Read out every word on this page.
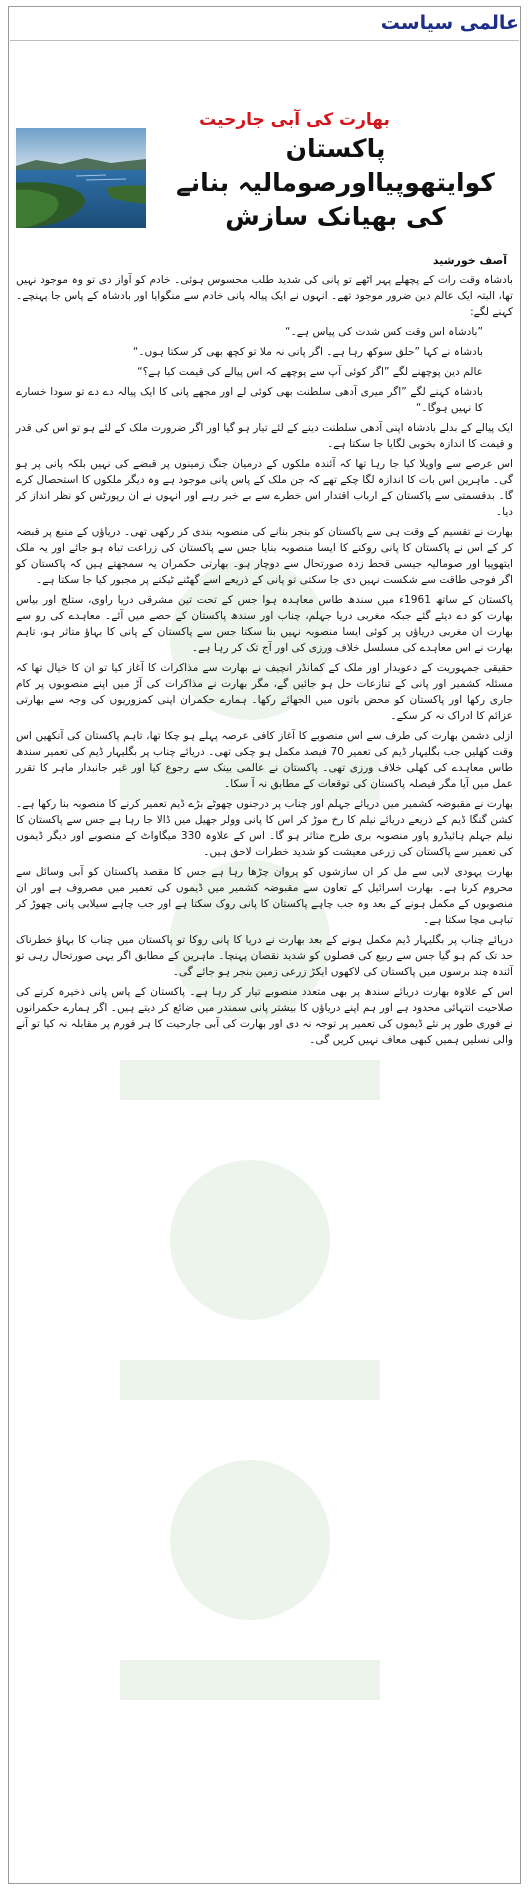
عالمی سیاست
بھارت کی آبی جارحیت
پاکستان کوایتھوپیااورصومالیہ بنانے کی بھیانک سازش
آصف خورشید

بادشاہ وقت رات کے پچھلے پہر اٹھے تو پانی کی شدید طلب محسوس ہوئی۔ خادم کو آواز دی تو وہ موجود نہیں تھا، البتہ ایک عالم دین ضرور موجود تھے۔ انہوں نے ایک پیالہ پانی خادم سے منگوایا اور بادشاہ کے پاس جا پہنچے۔ کہنے لگے:

”بادشاہ اس وقت کس شدت کی پیاس ہے۔“

بادشاہ نے کہا ”حلق سوکھ رہا ہے۔ اگر پانی نہ ملا تو کچھ بھی کر سکتا ہوں۔“

عالم دین پوچھنے لگے ”اگر کوئی آپ سے پوچھے کہ اس پیالے کی قیمت کیا ہے؟“

بادشاہ کہنے لگے ”اگر میری آدھی سلطنت بھی کوئی لے اور مجھے پانی کا ایک پیالہ دے دے تو سودا خسارے کا نہیں ہوگا۔“

ایک پیالے کے بدلے بادشاہ اپنی آدھی سلطنت دینے کے لئے تیار ہو گیا اور اگر ضرورت ملک کے لئے ہو تو اس کی قدر و قیمت کا اندازہ بخوبی لگایا جا سکتا ہے۔

اس عرصے سے واویلا کیا جا رہا تھا کہ آئندہ ملکوں کے درمیان جنگ زمینوں پر قبضے کی نہیں بلکہ پانی پر ہو گی۔ ماہرین اس بات کا اندازہ لگا چکے تھے کہ جن ملک کے پاس پانی موجود ہے وہ دیگر ملکوں کا استحصال کرے گا۔ بدقسمتی سے پاکستان کے ارباب اقتدار اس خطرے سے بے خبر رہے اور انہوں نے ان رپورٹس کو نظر انداز کر دیا۔

بھارت نے تقسیم کے وقت ہی سے پاکستان کو بنجر بنانے کی منصوبہ بندی کر رکھی تھی۔ دریاؤں کے منبع پر قبضہ کر کے اس نے پاکستان کا پانی روکنے کا ایسا منصوبہ بنایا جس سے پاکستان کی زراعت تباہ ہو جائے اور یہ ملک ایتھوپیا اور صومالیہ جیسی قحط زدہ صورتحال سے دوچار ہو۔ بھارتی حکمران یہ سمجھتے ہیں کہ پاکستان کو اگر فوجی طاقت سے شکست نہیں دی جا سکتی تو پانی کے ذریعے اسے گھٹنے ٹیکنے پر مجبور کیا جا سکتا ہے۔

پاکستان کے ساتھ 1961ء میں سندھ طاس معاہدہ ہوا جس کے تحت تین مشرقی دریا راوی، ستلج اور بیاس بھارت کو دے دیئے گئے جبکہ مغربی دریا جہلم، چناب اور سندھ پاکستان کے حصے میں آئے۔ معاہدے کی رو سے بھارت ان مغربی دریاؤں پر کوئی ایسا منصوبہ نہیں بنا سکتا جس سے پاکستان کے پانی کا بہاؤ متاثر ہو، تاہم بھارت نے اس معاہدے کی مسلسل خلاف ورزی کی اور آج تک کر رہا ہے۔

حقیقی جمہوریت کے دعویدار اور ملک کے کمانڈر انچیف نے بھارت سے مذاکرات کا آغاز کیا تو ان کا خیال تھا کہ مسئلہ کشمیر اور پانی کے تنازعات حل ہو جائیں گے، مگر بھارت نے مذاکرات کی آڑ میں اپنے منصوبوں پر کام جاری رکھا اور پاکستان کو محض باتوں میں الجھائے رکھا۔ ہمارے حکمران اپنی کمزوریوں کی وجہ سے بھارتی عزائم کا ادراک نہ کر سکے۔

ازلی دشمن بھارت کی طرف سے اس منصوبے کا آغاز کافی عرصہ پہلے ہو چکا تھا، تاہم پاکستان کی آنکھیں اس وقت کھلیں جب بگلیہار ڈیم کی تعمیر 70 فیصد مکمل ہو چکی تھی۔ دریائے چناب پر بگلیہار ڈیم کی تعمیر سندھ طاس معاہدے کی کھلی خلاف ورزی تھی۔ پاکستان نے عالمی بینک سے رجوع کیا اور غیر جانبدار ماہر کا تقرر عمل میں آیا مگر فیصلہ پاکستان کی توقعات کے مطابق نہ آ سکا۔

بھارت نے مقبوضہ کشمیر میں دریائے جہلم اور چناب پر درجنوں چھوٹے بڑے ڈیم تعمیر کرنے کا منصوبہ بنا رکھا ہے۔ کشن گنگا ڈیم کے ذریعے دریائے نیلم کا رخ موڑ کر اس کا پانی وولر جھیل میں ڈالا جا رہا ہے جس سے پاکستان کا نیلم جہلم ہائیڈرو پاور منصوبہ بری طرح متاثر ہو گا۔ اس کے علاوہ 330 میگاواٹ کے منصوبے اور دیگر ڈیموں کی تعمیر سے پاکستان کی زرعی معیشت کو شدید خطرات لاحق ہیں۔

بھارت یہودی لابی سے مل کر ان سازشوں کو پروان چڑھا رہا ہے جس کا مقصد پاکستان کو آبی وسائل سے محروم کرنا ہے۔ بھارت اسرائیل کے تعاون سے مقبوضہ کشمیر میں ڈیموں کی تعمیر میں مصروف ہے اور ان منصوبوں کے مکمل ہونے کے بعد وہ جب چاہے پاکستان کا پانی روک سکتا ہے اور جب چاہے سیلابی پانی چھوڑ کر تباہی مچا سکتا ہے۔

دریائے چناب پر بگلیہار ڈیم مکمل ہونے کے بعد بھارت نے دریا کا پانی روکا تو پاکستان میں چناب کا بہاؤ خطرناک حد تک کم ہو گیا جس سے ربیع کی فصلوں کو شدید نقصان پہنچا۔ ماہرین کے مطابق اگر یہی صورتحال رہی تو آئندہ چند برسوں میں پاکستان کی لاکھوں ایکڑ زرعی زمین بنجر ہو جائے گی۔

اس کے علاوہ بھارت دریائے سندھ پر بھی متعدد منصوبے تیار کر رہا ہے۔ پاکستان کے پاس پانی ذخیرہ کرنے کی صلاحیت انتہائی محدود ہے اور ہم اپنے دریاؤں کا بیشتر پانی سمندر میں ضائع کر دیتے ہیں۔ اگر ہمارے حکمرانوں نے فوری طور پر نئے ڈیموں کی تعمیر پر توجہ نہ دی اور بھارت کی آبی جارحیت کا ہر فورم پر مقابلہ نہ کیا تو آنے والی نسلیں ہمیں کبھی معاف نہیں کریں گی۔
